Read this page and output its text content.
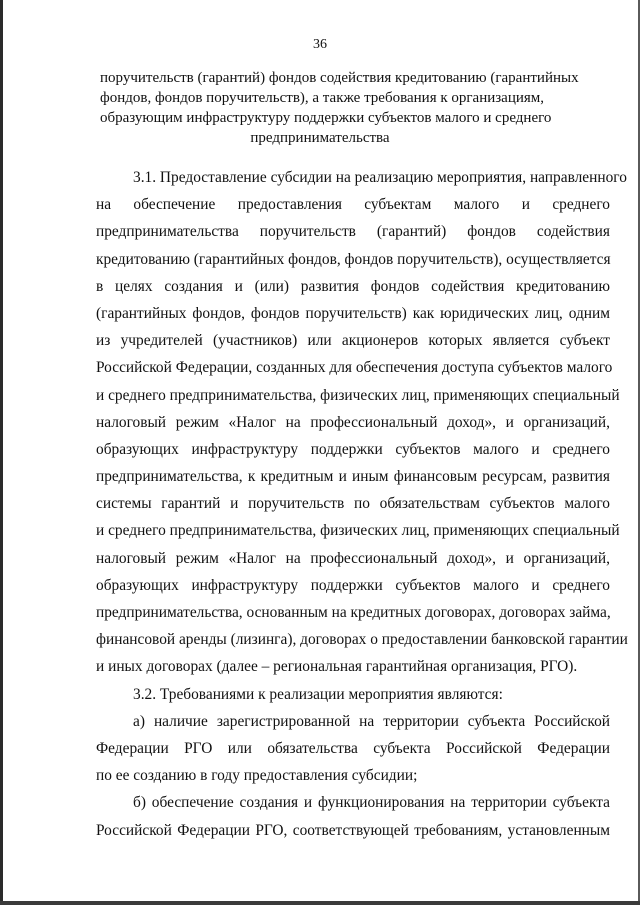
36
поручительств (гарантий) фондов содействия кредитованию (гарантийных
фондов, фондов поручительств), а также требования к организациям,
образующим инфраструктуру поддержки субъектов малого и среднего
предпринимательства
3.1. Предоставление субсидии на реализацию мероприятия, направленного
на обеспечение предоставления субъектам малого и среднего
предпринимательства поручительств (гарантий) фондов содействия
кредитованию (гарантийных фондов, фондов поручительств), осуществляется
в целях создания и (или) развития фондов содействия кредитованию
(гарантийных фондов, фондов поручительств) как юридических лиц, одним
из учредителей (участников) или акционеров которых является субъект
Российской Федерации, созданных для обеспечения доступа субъектов малого
и среднего предпринимательства, физических лиц, применяющих специальный
налоговый режим «Налог на профессиональный доход», и организаций,
образующих инфраструктуру поддержки субъектов малого и среднего
предпринимательства, к кредитным и иным финансовым ресурсам, развития
системы гарантий и поручительств по обязательствам субъектов малого
и среднего предпринимательства, физических лиц, применяющих специальный
налоговый режим «Налог на профессиональный доход», и организаций,
образующих инфраструктуру поддержки субъектов малого и среднего
предпринимательства, основанным на кредитных договорах, договорах займа,
финансовой аренды (лизинга), договорах о предоставлении банковской гарантии
и иных договорах (далее – региональная гарантийная организация, РГО).
3.2. Требованиями к реализации мероприятия являются:
а) наличие зарегистрированной на территории субъекта Российской
Федерации РГО или обязательства субъекта Российской Федерации
по ее созданию в году предоставления субсидии;
б) обеспечение создания и функционирования на территории субъекта
Российской Федерации РГО, соответствующей требованиям, установленным
